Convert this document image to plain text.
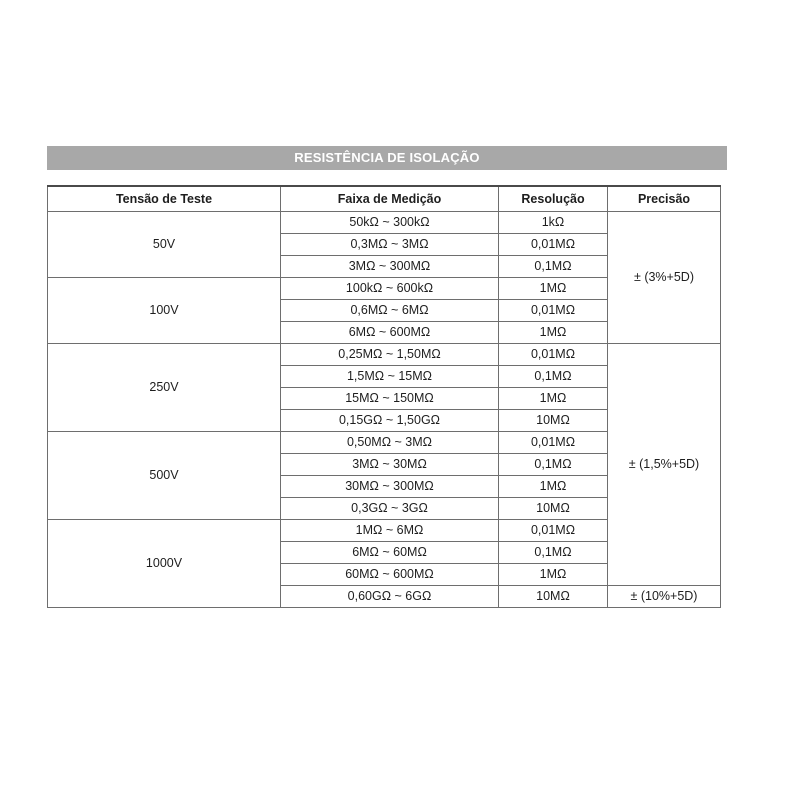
RESISTÊNCIA DE ISOLAÇÃO
Tensão de Teste	Faixa de Medição	Resolução	Precisão
50V	50kΩ ~ 300kΩ	1kΩ	± (3%+5D)
	0,3MΩ ~ 3MΩ	0,01MΩ	
	3MΩ ~ 300MΩ	0,1MΩ	
100V	100kΩ ~ 600kΩ	1MΩ	
	0,6MΩ ~ 6MΩ	0,01MΩ	
	6MΩ ~ 600MΩ	1MΩ	
250V	0,25MΩ ~ 1,50MΩ	0,01MΩ	± (1,5%+5D)
	1,5MΩ ~ 15MΩ	0,1MΩ	
	15MΩ ~ 150MΩ	1MΩ	
	0,15GΩ ~ 1,50GΩ	10MΩ	
500V	0,50MΩ ~ 3MΩ	0,01MΩ	
	3MΩ ~ 30MΩ	0,1MΩ	
	30MΩ ~ 300MΩ	1MΩ	
	0,3GΩ ~ 3GΩ	10MΩ	
1000V	1MΩ ~ 6MΩ	0,01MΩ	
	6MΩ ~ 60MΩ	0,1MΩ	
	60MΩ ~ 600MΩ	1MΩ	
	0,60GΩ ~ 6GΩ	10MΩ	± (10%+5D)
